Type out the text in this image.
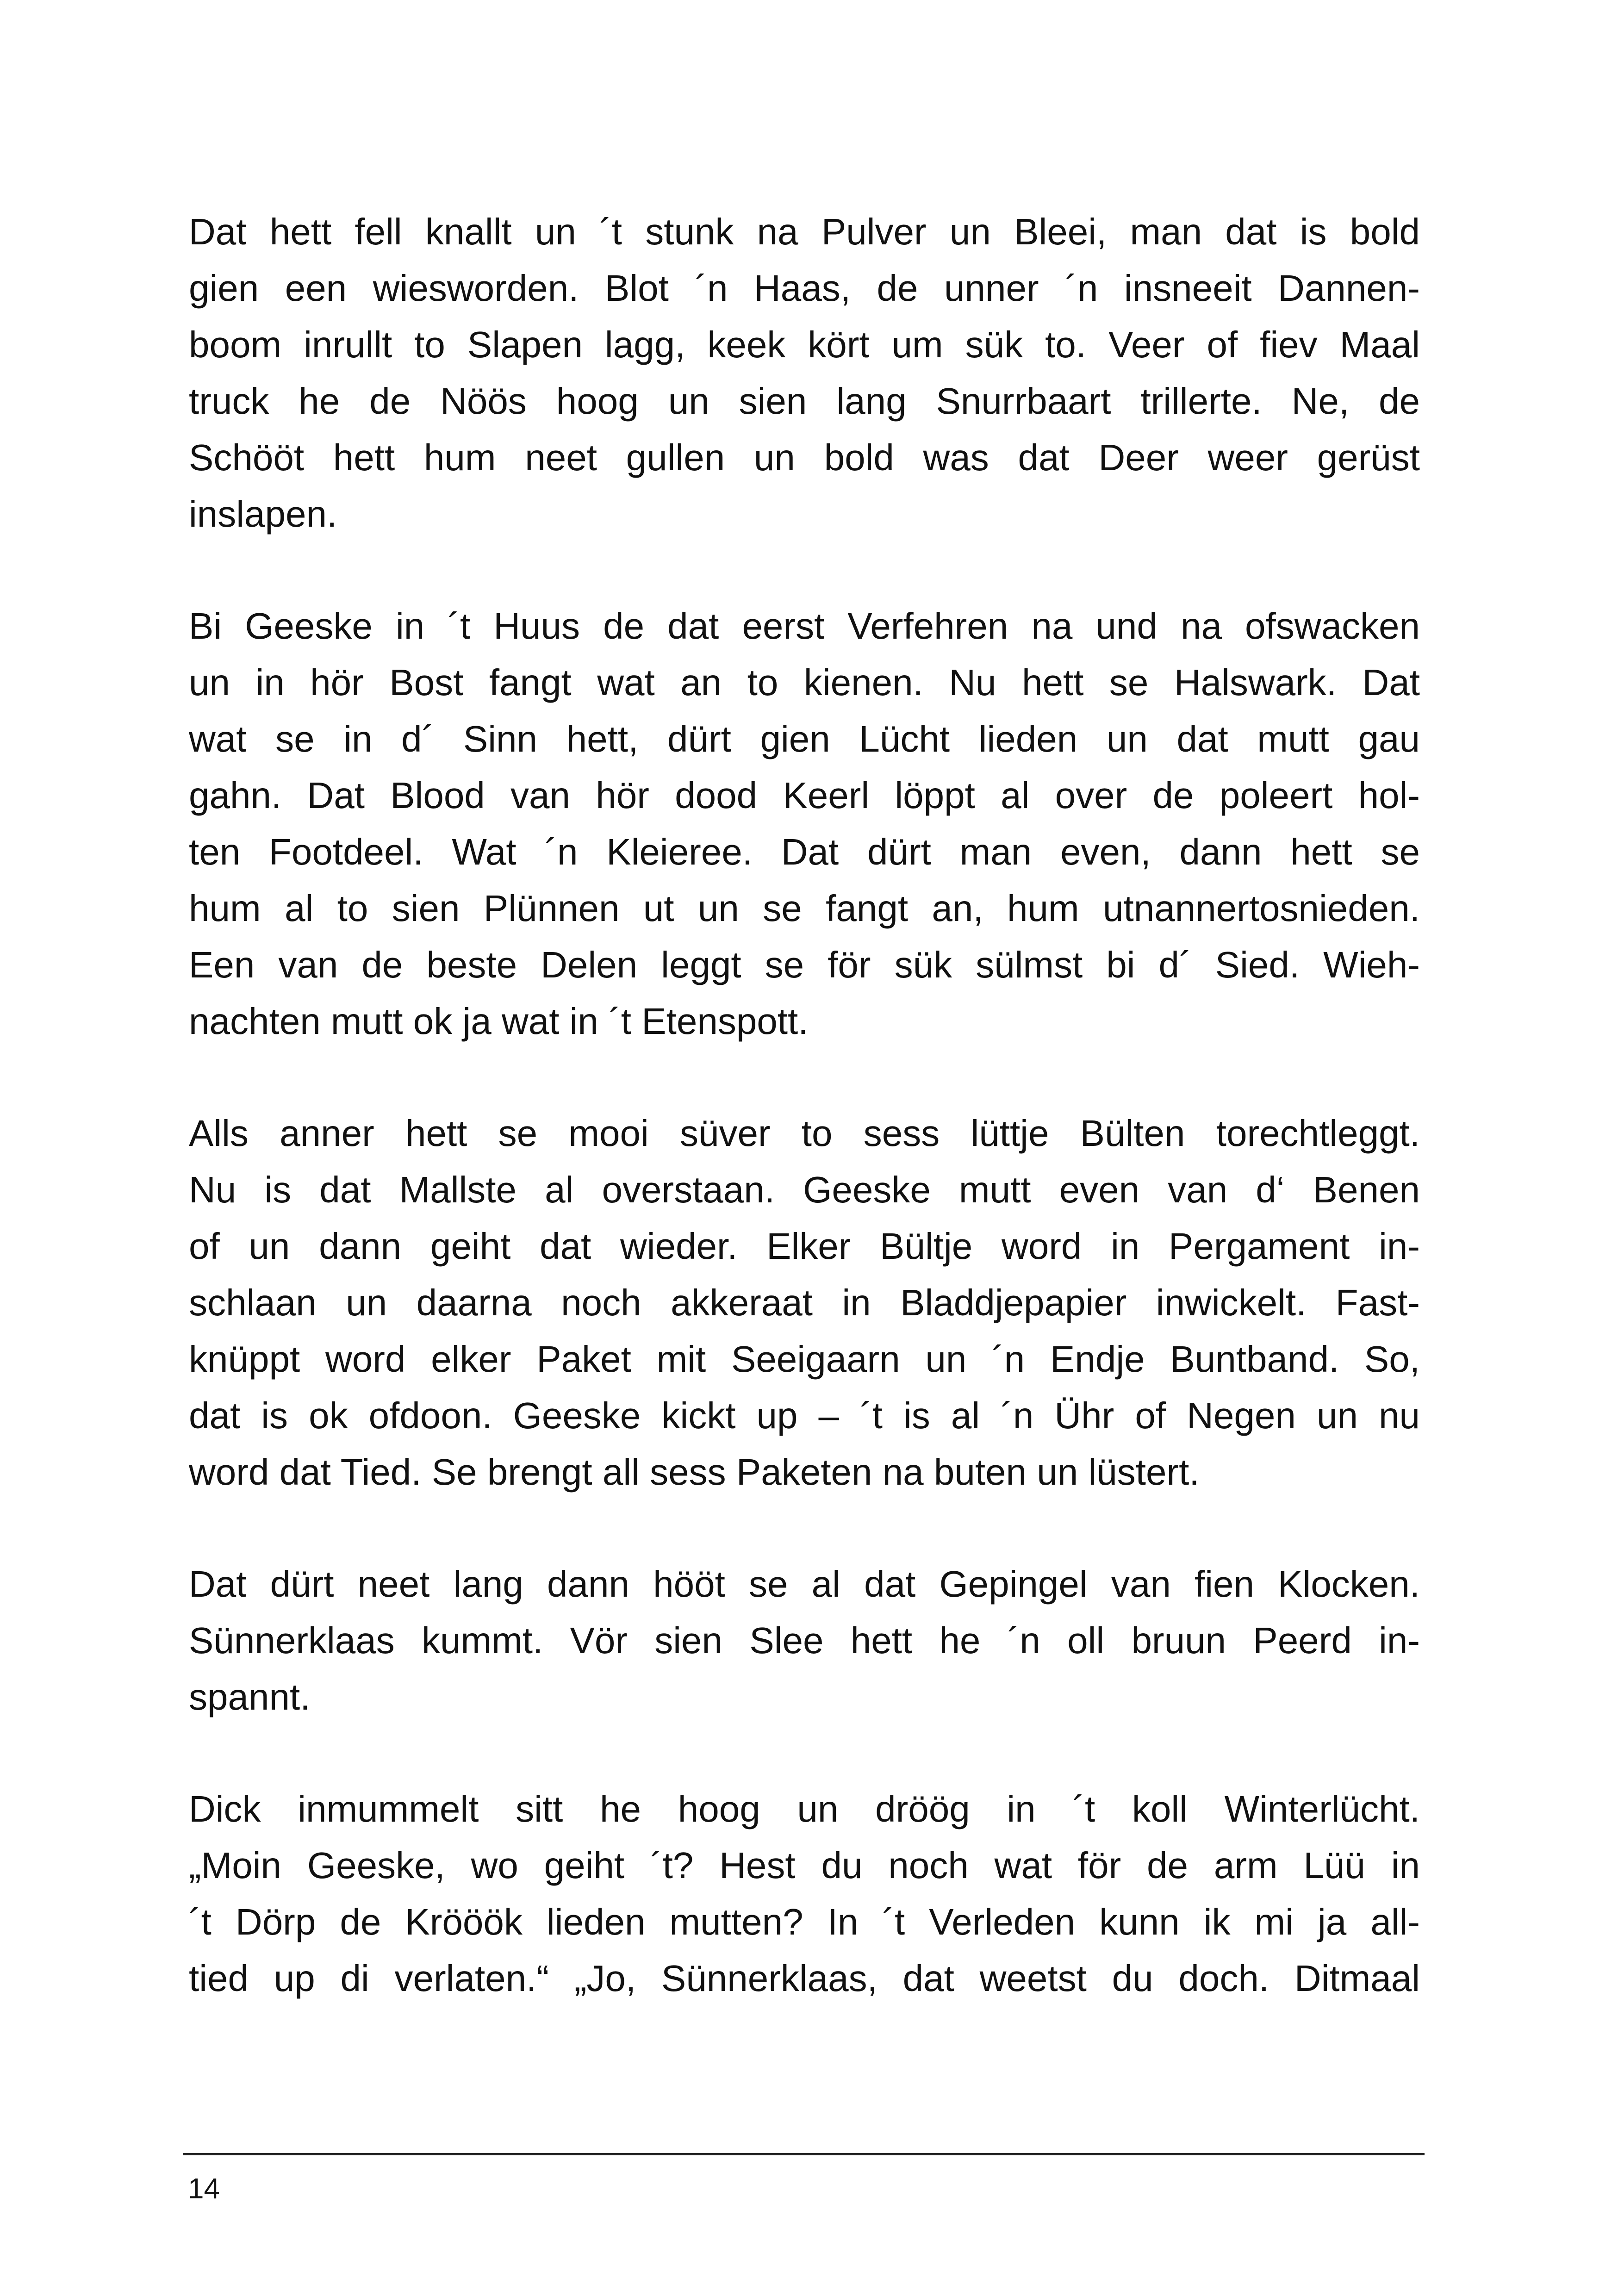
Dat hett fell knallt un ´t stunk na Pulver un Bleei, man dat is bold
gien een wiesworden. Blot ´n Haas, de unner ´n insneeit Dannen-
boom inrullt to Slapen lagg, keek kört um sük to. Veer of fiev Maal
truck he de Nöös hoog un sien lang Snurrbaart trillerte. Ne, de
Schööt hett hum neet gullen un bold was dat Deer weer gerüst
inslapen.

Bi Geeske in ´t Huus de dat eerst Verfehren na und na ofswacken
un in hör Bost fangt wat an to kienen. Nu hett se Halswark. Dat
wat se in d´ Sinn hett, dürt gien Lücht lieden un dat mutt gau
gahn. Dat Blood van hör dood Keerl löppt al over de poleert hol-
ten Footdeel. Wat ´n Kleieree. Dat dürt man even, dann hett se
hum al to sien Plünnen ut un se fangt an, hum utnannertosnieden.
Een van de beste Delen leggt se för sük sülmst bi d´ Sied. Wieh-
nachten mutt ok ja wat in ´t Etenspott.

Alls anner hett se mooi süver to sess lüttje Bülten torechtleggt.
Nu is dat Mallste al overstaan. Geeske mutt even van d‘ Benen
of un dann geiht dat wieder. Elker Bültje word in Pergament in-
schlaan un daarna noch akkeraat in Bladdjepapier inwickelt. Fast-
knüppt word elker Paket mit Seeigaarn un ´n Endje Buntband. So,
dat is ok ofdoon. Geeske kickt up – ´t is al ´n Ühr of Negen un nu
word dat Tied. Se brengt all sess Paketen na buten un lüstert.

Dat dürt neet lang dann hööt se al dat Gepingel van fien Klocken.
Sünnerklaas kummt. Vör sien Slee hett he ´n oll bruun Peerd in-
spannt.

Dick inmummelt sitt he hoog un dröög in ´t koll Winterlücht.
„Moin Geeske, wo geiht ´t? Hest du noch wat för de arm Lüü in
´t Dörp de Krööök lieden mutten? In ´t Verleden kunn ik mi ja all-
tied up di verlaten.“ „Jo, Sünnerklaas, dat weetst du doch. Ditmaal

14
